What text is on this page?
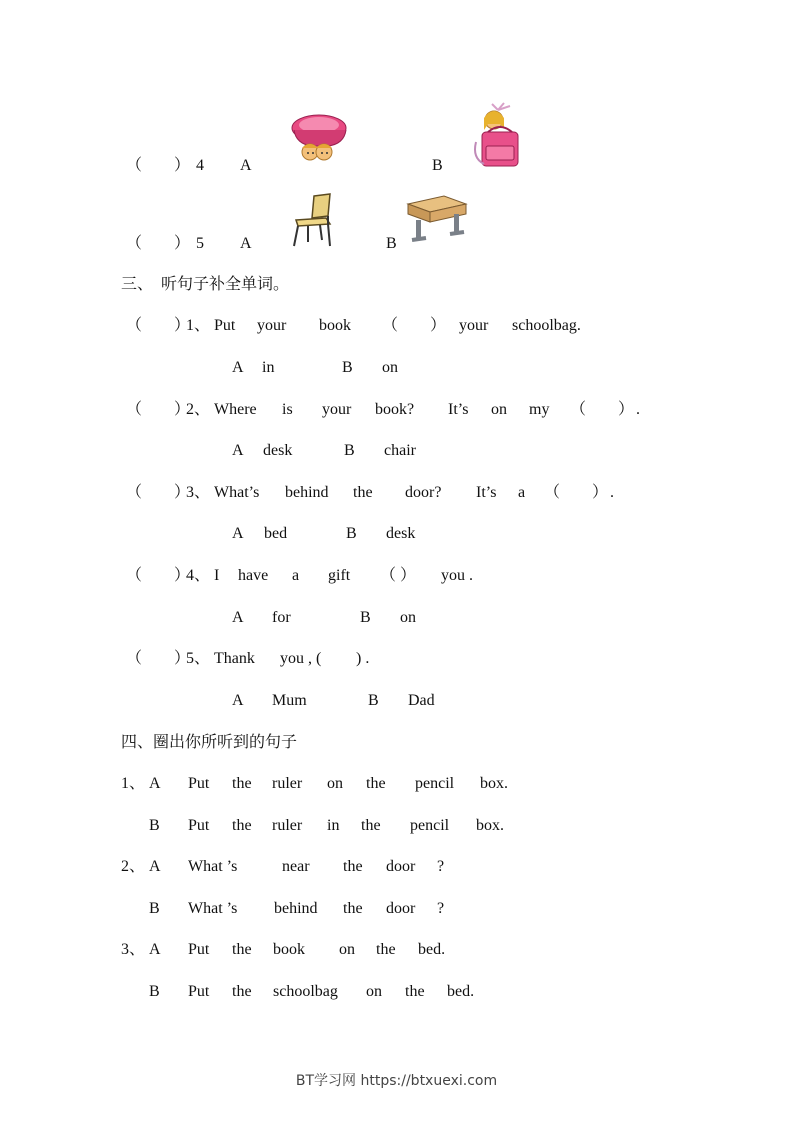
（　　） 4 A	B
（　　） 5 A	B
三、　听句子补全单词。
（　　）
1、 Put your book （　　） your schoolbag.
A in	B on
（　　）
2、 Where is your book? It’s on my （　　） .
A desk	B chair
（　　）
3、 What’s behind the door? It’s a （　　） .
A bed	B desk
（　　）
4、 I have a gift （ ） you .
A for	B on
（　　）
5、 Thank you , ( ) .
A Mum	B Dad
四、圈出你所听到的句子
1、 A Put the ruler on the pencil box.
B Put the ruler in the pencil box.
2、 A What ’s	near the door ?
B What ’s behind the door ?
3、 A Put the book on the bed.
B Put the schoolbag on the bed.
BT学习网 https://btxuexi.com
